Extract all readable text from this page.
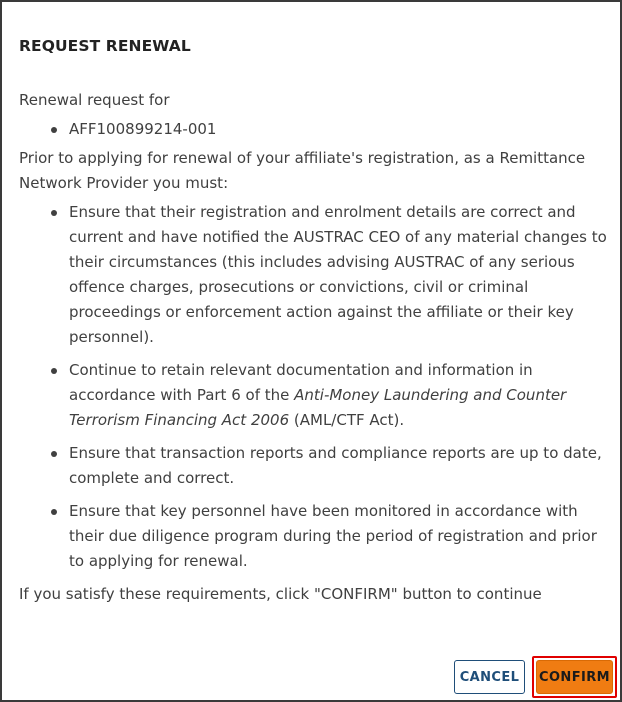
REQUEST RENEWAL

Renewal request for

AFF100899214-001

Prior to applying for renewal of your affiliate's registration, as a Remittance Network Provider you must:

Ensure that their registration and enrolment details are correct and current and have notified the AUSTRAC CEO of any material changes to their circumstances (this includes advising AUSTRAC of any serious offence charges, prosecutions or convictions, civil or criminal proceedings or enforcement action against the affiliate or their key personnel).
Continue to retain relevant documentation and information in accordance with Part 6 of the Anti-Money Laundering and Counter Terrorism Financing Act 2006 (AML/CTF Act).
Ensure that transaction reports and compliance reports are up to date, complete and correct.
Ensure that key personnel have been monitored in accordance with their due diligence program during the period of registration and prior to applying for renewal.

If you satisfy these requirements, click "CONFIRM" button to continue

CANCEL	CONFIRM
